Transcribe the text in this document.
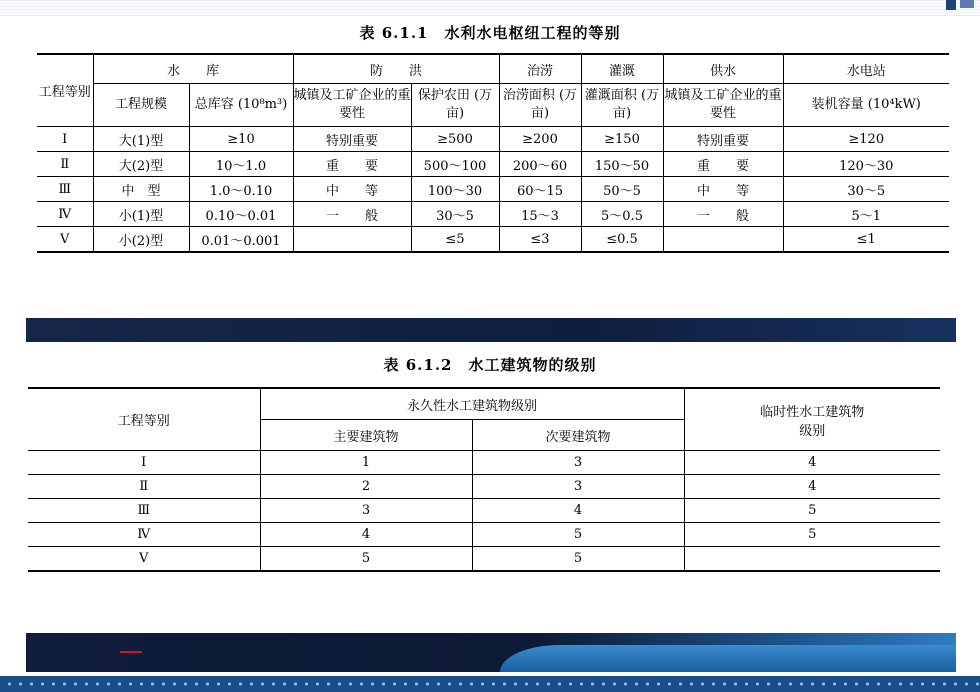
表 6.1.1　水利水电枢纽工程的等别
工程等别	水　　库		防　　洪		治涝	灌溉	供水	水电站
	工程规模	总库容 (10⁸m³)	城镇及工矿企业的重要性	保护农田 (万亩)	治涝面积 (万亩)	灌溉面积 (万亩)	城镇及工矿企业的重要性	装机容量 (10⁴kW)
Ⅰ	大(1)型	≥10	特别重要	≥500	≥200	≥150	特别重要	≥120
Ⅱ	大(2)型	10～1.0	重　　要	500～100	200～60	150～50	重　　要	120～30
Ⅲ	中　型	1.0～0.10	中　　等	100～30	60～15	50～5	中　　等	30～5
Ⅳ	小(1)型	0.10～0.01	一　　般	30～5	15～3	5～0.5	一　　般	5～1
Ⅴ	小(2)型	0.01～0.001		≤5	≤3	≤0.5		≤1
表 6.1.2　水工建筑物的级别
工程等别	永久性水工建筑物级别		临时性水工建筑物级别
	主要建筑物	次要建筑物	
Ⅰ	1	3	4
Ⅱ	2	3	4
Ⅲ	3	4	5
Ⅳ	4	5	5
Ⅴ	5	5	
